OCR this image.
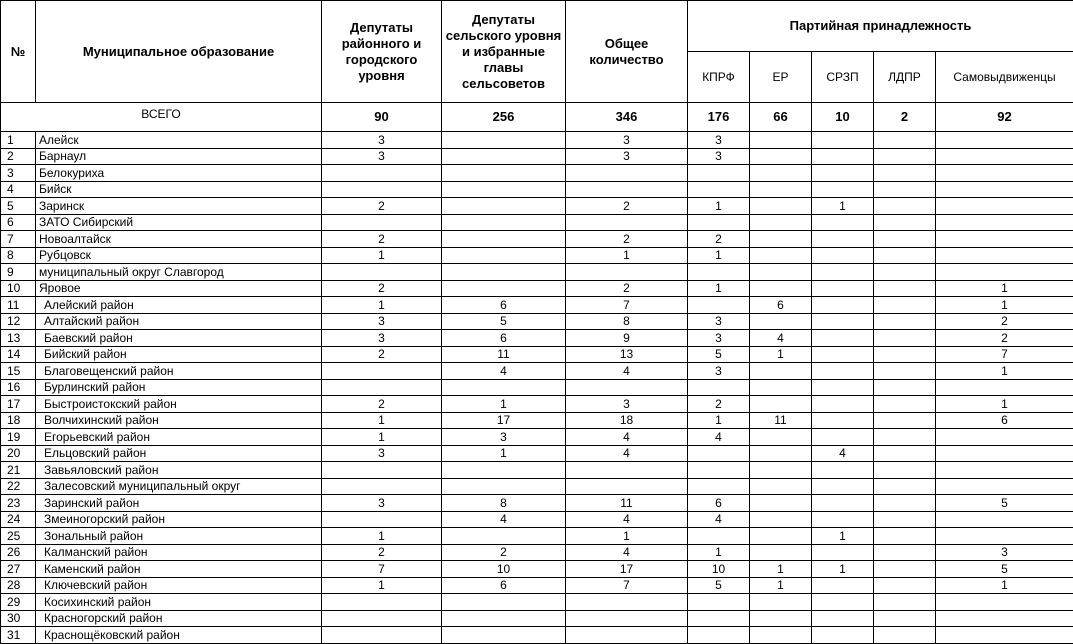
№	Муниципальное образование	Депутаты районного и городского уровня	Депутаты сельского уровня и избранные главы сельсоветов	Общее количество	Партийная принадлежность				
					КПРФ	ЕР	СРЗП	ЛДПР	Самовыдвиженцы
ВСЕГО		90	256	346	176	66	10	2	92
1	Алейск	3		3	3				
2	Барнаул	3		3	3				
3	Белокуриха								
4	Бийск								
5	Заринск	2		2	1		1		
6	ЗАТО Сибирский								
7	Новоалтайск	2		2	2				
8	Рубцовск	1		1	1				
9	муниципальный округ Славгород								
10	Яровое	2		2	1				1
11	Алейский район	1	6	7		6			1
12	Алтайский район	3	5	8	3				2
13	Баевский район	3	6	9	3	4			2
14	Бийский район	2	11	13	5	1			7
15	Благовещенский район		4	4	3				1
16	Бурлинский район								
17	Быстроистокский район	2	1	3	2				1
18	Волчихинский район	1	17	18	1	11			6
19	Егорьевский район	1	3	4	4				
20	Ельцовский район	3	1	4			4		
21	Завьяловский район								
22	Залесовский муниципальный округ								
23	Заринский район	3	8	11	6				5
24	Змеиногорский район		4	4	4				
25	Зональный район	1		1			1		
26	Калманский район	2	2	4	1				3
27	Каменский район	7	10	17	10	1	1		5
28	Ключевский район	1	6	7	5	1			1
29	Косихинский район								
30	Красногорский район								
31	Краснощёковский район								
